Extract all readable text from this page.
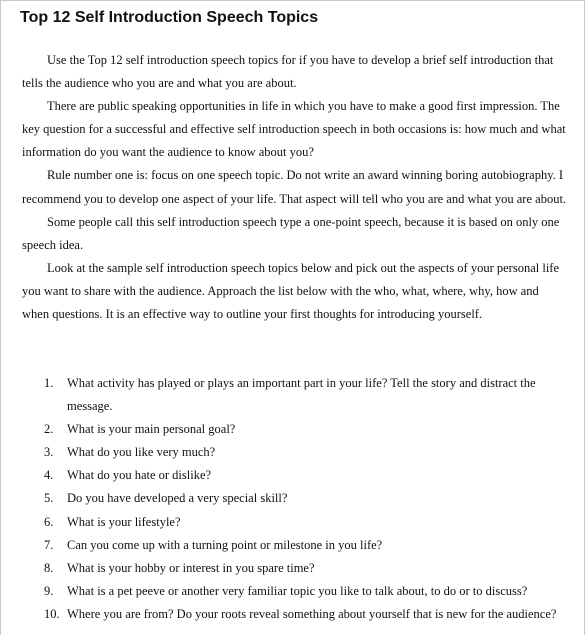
Top 12 Self Introduction Speech Topics

Use the Top 12 self introduction speech topics for if you have to develop a brief self introduction that tells the audience who you are and what you are about.

There are public speaking opportunities in life in which you have to make a good first impression. The key question for a successful and effective self introduction speech in both occasions is: how much and what information do you want the audience to know about you?

Rule number one is: focus on one speech topic. Do not write an award winning boring autobiography. I recommend you to develop one aspect of your life. That aspect will tell who you are and what you are about.

Some people call this self introduction speech type a one-point speech, because it is based on only one speech idea.

Look at the sample self introduction speech topics below and pick out the aspects of your personal life you want to share with the audience. Approach the list below with the who, what, where, why, how and when questions. It is an effective way to outline your first thoughts for introducing yourself.

1.	What activity has played or plays an important part in your life? Tell the story and distract the message.
2.	What is your main personal goal?
3.	What do you like very much?
4.	What do you hate or dislike?
5.	Do you have developed a very special skill?
6.	What is your lifestyle?
7.	Can you come up with a turning point or milestone in you life?
8.	What is your hobby or interest in you spare time?
9.	What is a pet peeve or another very familiar topic you like to talk about, to do or to discuss?
10. Where you are from? Do your roots reveal something about yourself that is new for the audience?
